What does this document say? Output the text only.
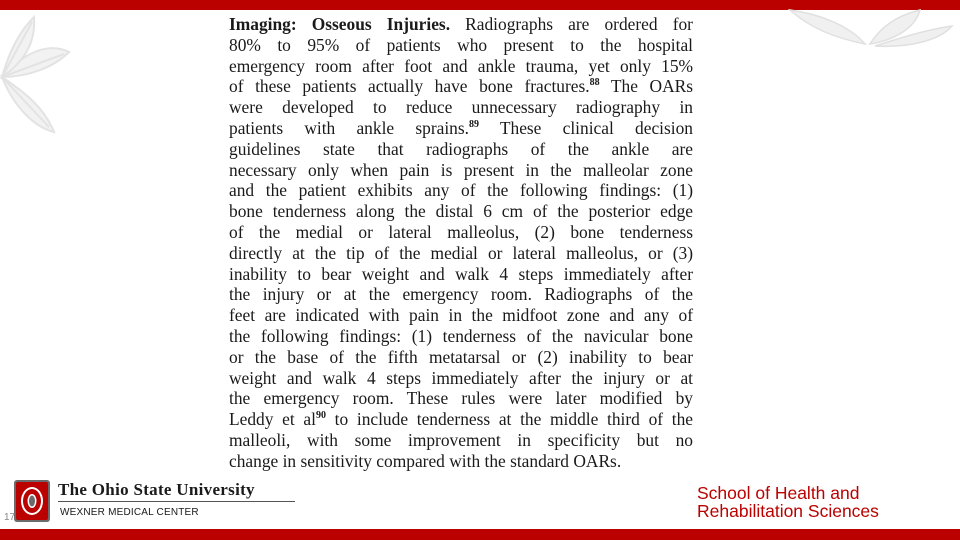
Imaging: Osseous Injuries. Radiographs are ordered for
80% to 95% of patients who present to the hospital
emergency room after foot and ankle trauma, yet only 15%
of these patients actually have bone fractures.$^{88}$ The OARs
were developed to reduce unnecessary radiography in
patients with ankle sprains.$^{89}$ These clinical decision
guidelines state that radiographs of the ankle are
necessary only when pain is present in the malleolar zone
and the patient exhibits any of the following findings: (1)
bone tenderness along the distal 6 cm of the posterior edge
of the medial or lateral malleolus, (2) bone tenderness
directly at the tip of the medial or lateral malleolus, or (3)
inability to bear weight and walk 4 steps immediately after
the injury or at the emergency room. Radiographs of the
feet are indicated with pain in the midfoot zone and any of
the following findings: (1) tenderness of the navicular bone
or the base of the fifth metatarsal or (2) inability to bear
weight and walk 4 steps immediately after the injury or at
the emergency room. These rules were later modified by
Leddy et $al^{90}$ to include tenderness at the middle third of the
malleoli, with some improvement in specificity but no
change in sensitivity compared with the standard OARs.
The Ohio State University
WEXNER MEDICAL CENTER
17
School of Health and
Rehabilitation Sciences
